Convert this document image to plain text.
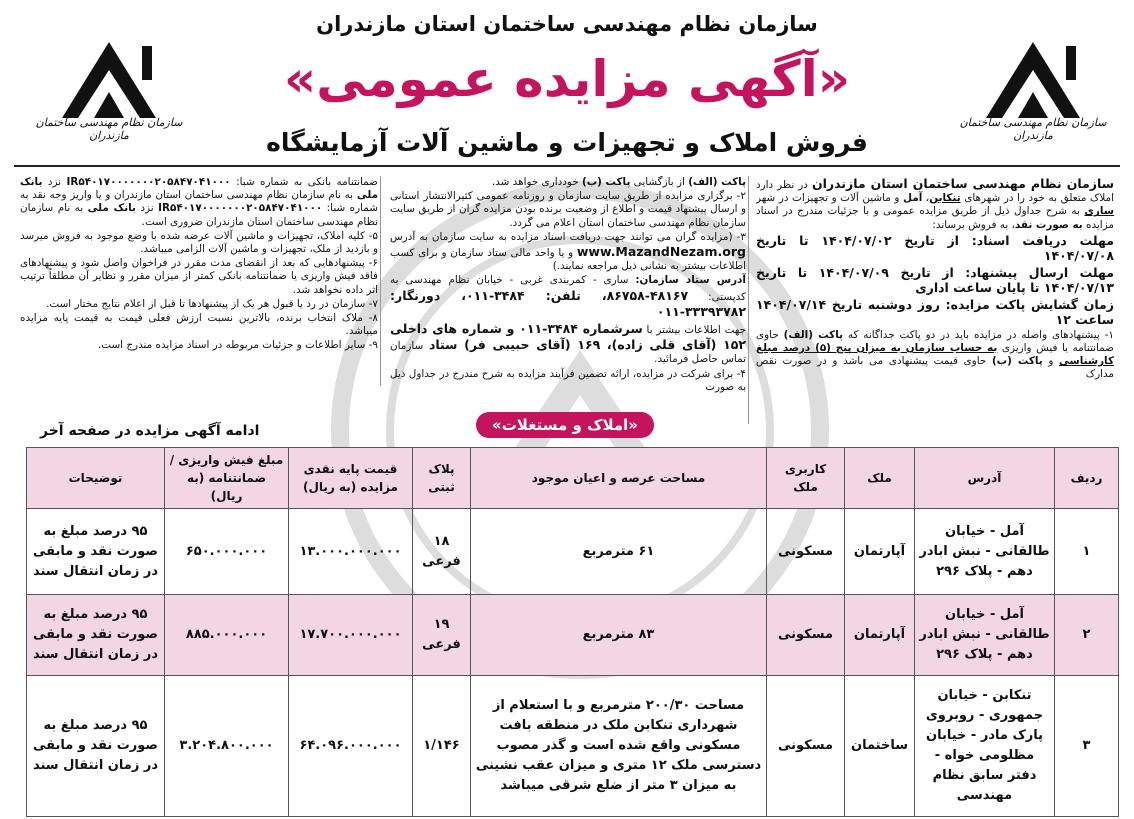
سازمان نظام مهندسی ساختمان مازندران
سازمان نظام مهندسی ساختمان مازندران
سازمان نظام مهندسی ساختمان استان مازندران
«آگهی مزایده عمومی»
فروش املاک و تجهیزات و ماشین آلات آزمایشگاه

سازمان نظام مهندسی ساختمان استان مازندران در نظر دارد املاک متعلق به خود را در شهرهای تنکابن، آمل و ماشین آلات و تجهیزات در شهر ساری به شرح جداول ذیل از طریق مزایده عمومی و با جزئیات مندرج در اسناد مزایده به صورت نقد، به فروش برساند:

مهلت دریافت اسناد: از تاریخ ۱۴۰۴/۰۷/۰۲ تا تاریخ ۱۴۰۴/۰۷/۰۸

مهلت ارسال پیشنهاد: از تاریخ ۱۴۰۴/۰۷/۰۹ تا تاریخ ۱۴۰۴/۰۷/۱۳ تا پایان ساعت اداری

زمان گشایش پاکت مزایده: روز دوشنبه تاریخ ۱۴۰۴/۰۷/۱۴ ساعت ۱۲

۱- پیشنهادهای واصله در مزایده باید در دو پاکت جداگانه که پاکت (الف) حاوی ضمانتنامه یا فیش واریزی به حساب سازمان به میزان پنج (۵) درصد مبلغ کارشناسی و پاکت (ب) حاوی قیمت پیشنهادی می باشد و در صورت نقص مدارک

پاکت (الف) از بازگشایی پاکت (ب) خودداری خواهد شد.

۲- برگزاری مزایده از طریق سایت سازمان و روزنامه عمومی کثیرالانتشار استانی و ارسال پیشنهاد قیمت و اطلاع از وضعیت برنده بودن مزایده گران از طریق سایت سازمان نظام مهندسی ساختمان استان اعلام می گردد.

۳- (مزایده گران می توانند جهت دریافت اسناد مزایده به سایت سازمان به آدرس www.MazandNezam.org و یا واحد مالی ستاد سازمان و برای کسب اطلاعات بیشتر به نشانی ذیل مراجعه نمایند.)

آدرس ستاد سازمان: ساری - کمربندی غربی - خیابان نظام مهندسی به کدپستی: ۴۸۱۶۷-۸۶۷۵۸، تلفن: ۳۴۸۴-۰۱۱، دورنگار: ۳۳۳۹۳۷۸۲-۰۱۱

جهت اطلاعات بیشتر با سرشماره ۳۴۸۴-۰۱۱ و شماره های داخلی ۱۵۲ (آقای قلی زاده)، ۱۶۹ (آقای حبیبی فر) ستاد سازمان تماس حاصل فرمائید.

۴- برای شرکت در مزایده، ارائه تضمین فرآیند مزایده به شرح مندرج در جداول ذیل به صورت

ضمانتنامه بانکی به شماره شبا: IR۵۴۰۱۷۰۰۰۰۰۰۰۲۰۵۸۴۷۰۴۱۰۰۰ نزد بانک ملی به نام سازمان نظام مهندسی ساختمان استان مازندران و یا واریز وجه نقد به شماره شبا: IR۵۴۰۱۷۰۰۰۰۰۰۰۲۰۵۸۴۷۰۴۱۰۰۰ نزد بانک ملی به نام سازمان نظام مهندسی ساختمان استان مازندران ضروری است.

۵- کلیه املاک، تجهیزات و ماشین آلات عرضه شده با وضع موجود به فروش میرسد و بازدید از ملک، تجهیزات و ماشین آلات الزامی میباشد.

۶- پیشنهادهایی که بعد از انقضای مدت مقرر در فراخوان واصل شود و پیشنهادهای فاقد فیش واریزی یا ضمانتنامه بانکی کمتر از میزان مقرر و نظایر آن مطلقاً ترتیب اثر داده نخواهد شد.

۷- سازمان در رد یا قبول هر یک از پیشنهادها تا قبل از اعلام نتایج مختار است.

۸- ملاک انتخاب برنده، بالاترین نسبت ارزش فعلی قیمت به قیمت پایه مزایده میباشد.

۹- سایر اطلاعات و جزئیات مربوطه در اسناد مزایده مندرج است.

ادامه آگهی مزایده در صفحه آخر	«املاک و مستغلات»
ردیف	آدرس	ملک	کاربری ملک	مساحت عرصه و اعیان موجود	پلاک ثبتی	قیمت پایه نقدی مزایده (به ریال)	مبلغ فیش واریزی / ضمانتنامه (به ریال)	توضیحات
۱	آمل - خیابان طالقانی - نبش ابادر دهم - پلاک ۲۹۶	آپارتمان	مسکونی	۶۱ مترمربع	۱۸ فرعی	۱۳.۰۰۰.۰۰۰.۰۰۰	۶۵۰.۰۰۰.۰۰۰	۹۵ درصد مبلغ به صورت نقد و مابقی در زمان انتقال سند
۲	آمل - خیابان طالقانی - نبش ابادر دهم - پلاک ۲۹۶	آپارتمان	مسکونی	۸۳ مترمربع	۱۹ فرعی	۱۷.۷۰۰.۰۰۰.۰۰۰	۸۸۵.۰۰۰.۰۰۰	۹۵ درصد مبلغ به صورت نقد و مابقی در زمان انتقال سند
۳	تنکابن - خیابان جمهوری - روبروی پارک مادر - خیابان مظلومی خواه - دفتر سابق نظام مهندسی	ساختمان	مسکونی	مساحت ۲۰۰/۳۰ مترمربع و با استعلام از شهرداری تنکابن ملک در منطقه بافت مسکونی واقع شده است و گذر مصوب دسترسی ملک ۱۲ متری و میزان عقب نشینی به میزان ۳ متر از ضلع شرقی میباشد	۱/۱۴۶	۶۴.۰۹۶.۰۰۰.۰۰۰	۳.۲۰۴.۸۰۰.۰۰۰	۹۵ درصد مبلغ به صورت نقد و مابقی در زمان انتقال سند
